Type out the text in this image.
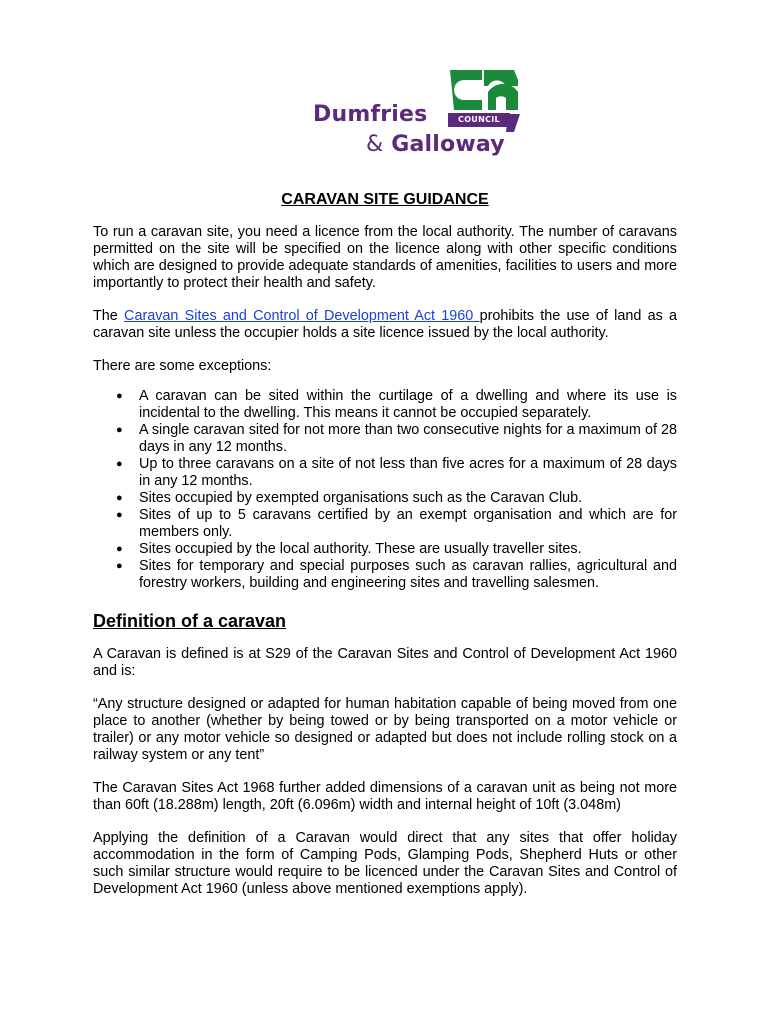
COUNCIL
Dumfries
& Galloway
CARAVAN SITE GUIDANCE

To run a caravan site, you need a licence from the local authority. The number of caravans permitted on the site will be specified on the licence along with other specific conditions which are designed to provide adequate standards of amenities, facilities to users and more importantly to protect their health and safety.

The Caravan Sites and Control of Development Act 1960 prohibits the use of land as a caravan site unless the occupier holds a site licence issued by the local authority.

There are some exceptions:

● A caravan can be sited within the curtilage of a dwelling and where its use is incidental to the dwelling. This means it cannot be occupied separately.
● A single caravan sited for not more than two consecutive nights for a maximum of 28 days in any 12 months.
● Up to three caravans on a site of not less than five acres for a maximum of 28 days in any 12 months.
● Sites occupied by exempted organisations such as the Caravan Club.
● Sites of up to 5 caravans certified by an exempt organisation and which are for members only.
● Sites occupied by the local authority. These are usually traveller sites.
● Sites for temporary and special purposes such as caravan rallies, agricultural and forestry workers, building and engineering sites and travelling salesmen.
Definition of a caravan

A Caravan is defined is at S29 of the Caravan Sites and Control of Development Act 1960 and is:

“Any structure designed or adapted for human habitation capable of being moved from one place to another (whether by being towed or by being transported on a motor vehicle or trailer) or any motor vehicle so designed or adapted but does not include rolling stock on a railway system or any tent”

The Caravan Sites Act 1968 further added dimensions of a caravan unit as being not more than 60ft (18.288m) length, 20ft (6.096m) width and internal height of 10ft (3.048m)

Applying the definition of a Caravan would direct that any sites that offer holiday accommodation in the form of Camping Pods, Glamping Pods, Shepherd Huts or other such similar structure would require to be licenced under the Caravan Sites and Control of Development Act 1960 (unless above mentioned exemptions apply).
